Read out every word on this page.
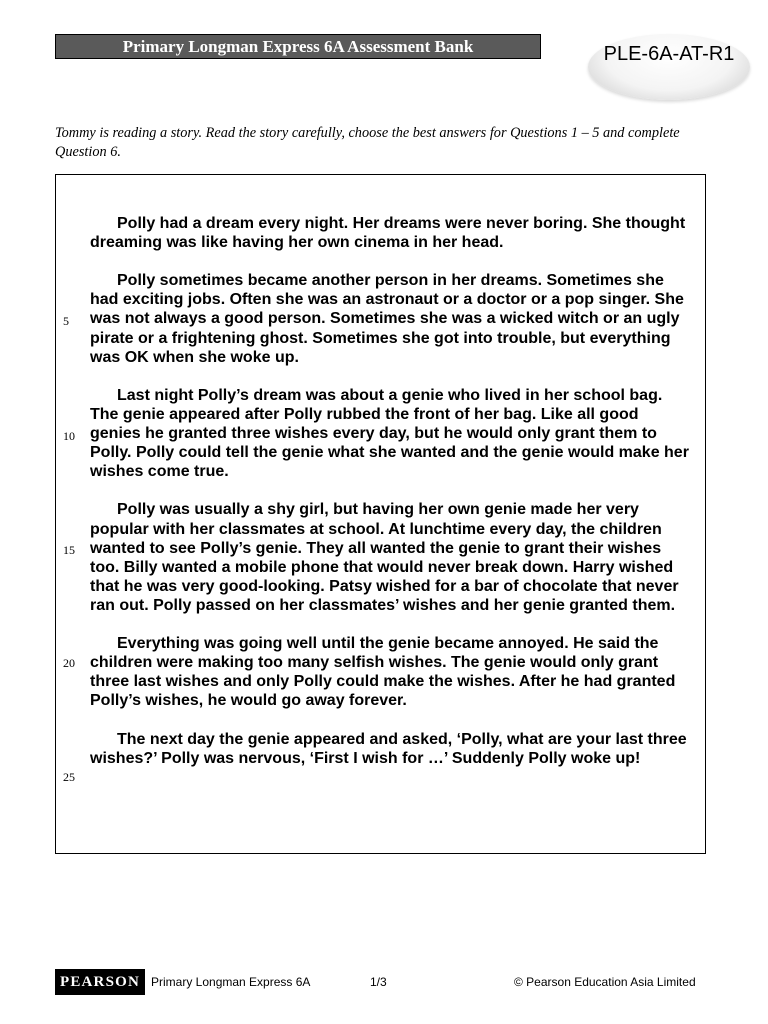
Primary Longman Express 6A Assessment Bank	PLE-6A-AT-R1
Tommy is reading a story. Read the story carefully, choose the best answers for Questions 1 – 5 and complete Question 6.

Polly had a dream every night. Her dreams were never boring. She thought dreaming was like having her own cinema in her head.

Polly sometimes became another person in her dreams. Sometimes she had exciting jobs. Often she was an astronaut or a doctor or a pop singer. She was not always a good person. Sometimes she was a wicked witch or an ugly pirate or a frightening ghost. Sometimes she got into trouble, but everything was OK when she woke up.

Last night Polly’s dream was about a genie who lived in her school bag. The genie appeared after Polly rubbed the front of her bag. Like all good genies he granted three wishes every day, but he would only grant them to Polly. Polly could tell the genie what she wanted and the genie would make her wishes come true.

Polly was usually a shy girl, but having her own genie made her very popular with her classmates at school. At lunchtime every day, the children wanted to see Polly’s genie. They all wanted the genie to grant their wishes too. Billy wanted a mobile phone that would never break down. Harry wished that he was very good-looking. Patsy wished for a bar of chocolate that never ran out. Polly passed on her classmates’ wishes and her genie granted them.

Everything was going well until the genie became annoyed. He said the children were making too many selfish wishes. The genie would only grant three last wishes and only Polly could make the wishes. After he had granted Polly’s wishes, he would go away forever.

The next day the genie appeared and asked, ‘Polly, what are your last three wishes?’ Polly was nervous, ‘First I wish for …’ Suddenly Polly woke up!

5
10
15
20
25
PEARSON Primary Longman Express 6A	1/3	© Pearson Education Asia Limited
